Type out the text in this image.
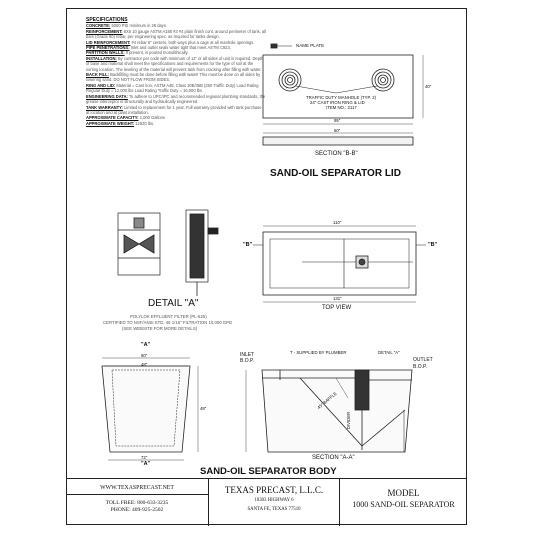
SPECIFICATIONS
CONCRETE: 5000 PSI minimum in 28 days.
REINFORCEMENT: 6X6 10 gauge ASTM A185 #3 #4 plain finish cont. around perimeter of tank, all bars (Grade 60) rebar, per engineering spec. as required for tanks design.
LID REINFORCEMENT: #4 rebar 6" centers, both ways plus a cage at all manhole openings.
PIPE PENETRATIONS: Inlet and outlet seals water tight that meet ASTM C923.
PARTITION WALLS: If present, is poured monolithically.
INSTALLATION: By contractor per code with minimum of 12" or all sides of unit is required. Depth of base and material shall meet the specifications and requirements for the type of soil at the sorting location. The leveling of the material will prevent tank from cracking after filling with water.
BACK FILL: Backfilling must be done before filling with water! This must be done on all sides by lowering sand. DO NOT FLOW FROM SIDES.
RING AND LID: Material = Cast iron, ASTM A48, Class 30B/35B (250 Traffic Duty) Load Rating Regular Duty = 12,000 lbs Load Rating Traffic Duty = 16,000 lbs
ENGINEERING DATA: To adhere to UPC/IPC and recommended regional plumbing standards, the grease interceptor is structurally and hydraulically engineered.
TANK WARRANTY: Limited to replacement for 1 year. Full warranty provided with tank purchase at location and at plant installation.
APPROXIMATE CAPACITY: 1,000 Gallons
APPROXIMATE WEIGHT: 12520 lbs.
NAME PLATE
TRAFFIC DUTY MANHOLE (TYP. 2)
24" CAST IRON RING & LID
ITEM NO.: 2117
95"
40"
60"
SECTION "B-B"
SAND-OIL SEPARATOR LID
110"
"B"	"B"
131"
TOP VIEW
DETAIL "A"
POLYLOK EFFLUENT FILTER (PL-625)
CERTIFIED TO NSF/ANSI STD. 46 1/16" FILTRATION 10,000 GPD
(SEE WEBSITE FOR MORE DETAILS)
"A"
60"
48"
48"
72"
"A"
INLET
B.O.P.
T - SUPPLIED BY PLUMBER	DETAIL "A"
OUTLET
B.O.P.
45° BAFFLE
DIVIDER
SECTION "A-A"
SAND-OIL SEPARATOR BODY
WWW.TEXASPRECAST.NET
TOLL FREE: 800-633-3235
PHONE: 409-925-2502
TEXAS PRECAST, L.L.C.
18303 HIGHWAY 6
SANTA FE, TEXAS 77510
MODEL
1000 SAND-OIL SEPARATOR
